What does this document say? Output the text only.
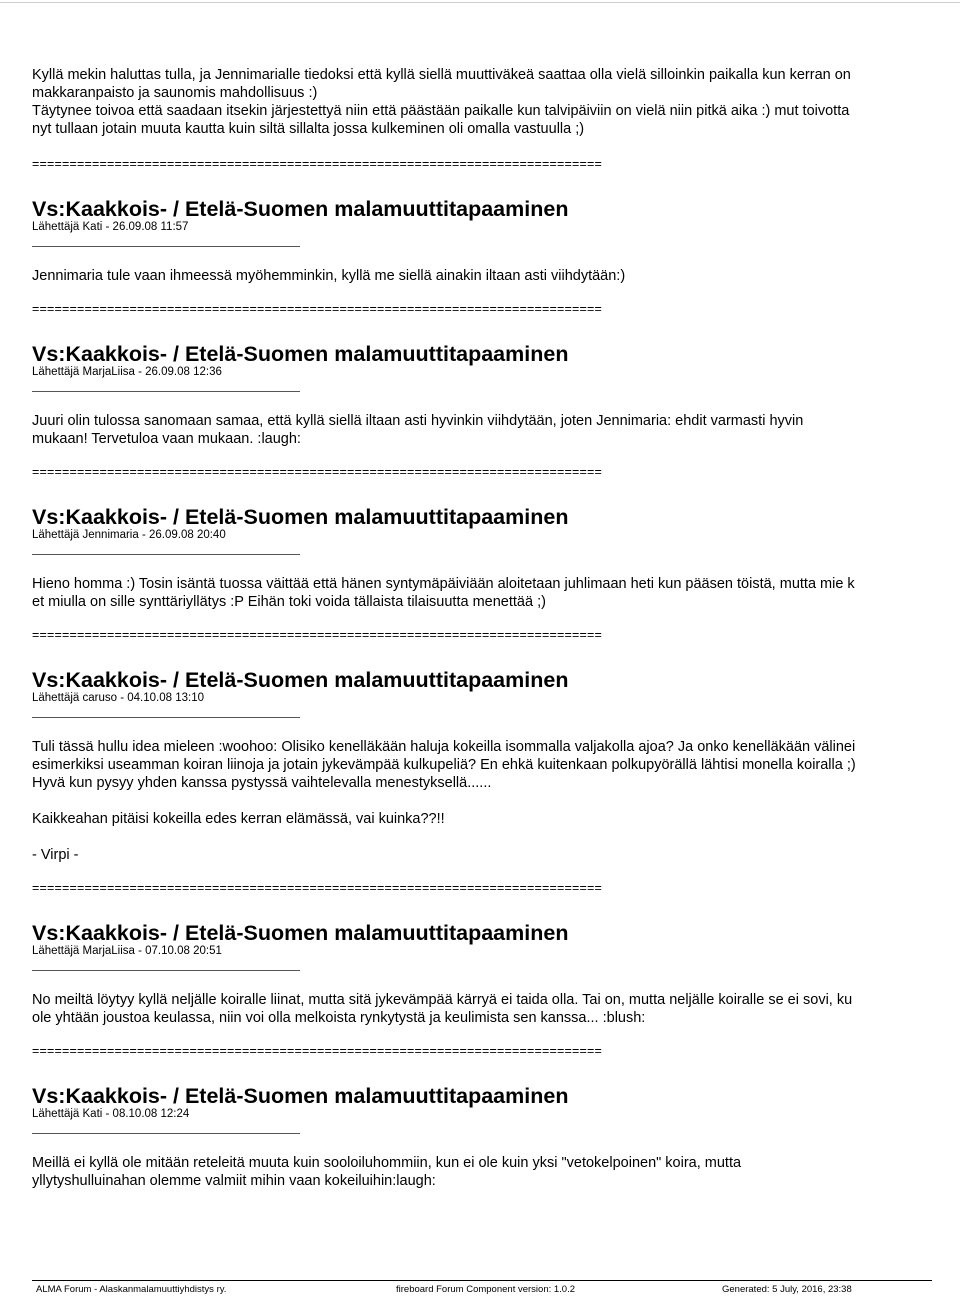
Kyllä mekin haluttas tulla, ja Jennimarialle tiedoksi että kyllä siellä muuttiväkeä saattaa olla vielä silloinkin paikalla kun kerran on

makkaranpaisto ja saunomis mahdollisuus :)

Täytynee toivoa että saadaan itsekin järjestettyä niin että päästään paikalle kun talvipäiviin on vielä niin pitkä aika :) mut toivotta

nyt tullaan jotain muuta kautta kuin siltä sillalta jossa kulkeminen oli omalla vastuulla ;)

============================================================================

Vs:Kaakkois- / Etelä-Suomen malamuuttitapaaminen

Lähettäjä Kati - 26.09.08 11:57

Jennimaria tule vaan ihmeessä myöhemminkin, kyllä me siellä ainakin iltaan asti viihdytään:)

============================================================================

Vs:Kaakkois- / Etelä-Suomen malamuuttitapaaminen

Lähettäjä MarjaLiisa - 26.09.08 12:36

Juuri olin tulossa sanomaan samaa, että kyllä siellä iltaan asti hyvinkin viihdytään, joten Jennimaria: ehdit varmasti hyvin

mukaan! Tervetuloa vaan mukaan. :laugh:

============================================================================

Vs:Kaakkois- / Etelä-Suomen malamuuttitapaaminen

Lähettäjä Jennimaria - 26.09.08 20:40

Hieno homma :) Tosin isäntä tuossa väittää että hänen syntymäpäiviään aloitetaan juhlimaan heti kun pääsen töistä, mutta mie k

et miulla on sille synttäriyllätys :P Eihän toki voida tällaista tilaisuutta menettää ;)

============================================================================

Vs:Kaakkois- / Etelä-Suomen malamuuttitapaaminen

Lähettäjä caruso - 04.10.08 13:10

Tuli tässä hullu idea mieleen :woohoo: Olisiko kenelläkään haluja kokeilla isommalla valjakolla ajoa? Ja onko kenelläkään välinei

esimerkiksi useamman koiran liinoja ja jotain jykevämpää kulkupeliä? En ehkä kuitenkaan polkupyörällä lähtisi monella koiralla ;)

Hyvä kun pysyy yhden kanssa pystyssä vaihtelevalla menestyksellä......

Kaikkeahan pitäisi kokeilla edes kerran elämässä, vai kuinka??!!

- Virpi -

============================================================================

Vs:Kaakkois- / Etelä-Suomen malamuuttitapaaminen

Lähettäjä MarjaLiisa - 07.10.08 20:51

No meiltä löytyy kyllä neljälle koiralle liinat, mutta sitä jykevämpää kärryä ei taida olla. Tai on, mutta neljälle koiralle se ei sovi, ku

ole yhtään joustoa keulassa, niin voi olla melkoista rynkytystä ja keulimista sen kanssa... :blush:

============================================================================

Vs:Kaakkois- / Etelä-Suomen malamuuttitapaaminen

Lähettäjä Kati - 08.10.08 12:24

Meillä ei kyllä ole mitään reteleitä muuta kuin sooloiluhommiin, kun ei ole kuin yksi "vetokelpoinen" koira, mutta

yllytyshulluinahan olemme valmiit mihin vaan kokeiluihin:laugh:

ALMA Forum - Alaskanmalamuuttiyhdistys ry.	fireboard Forum Component version: 1.0.2	Generated: 5 July, 2016, 23:38
